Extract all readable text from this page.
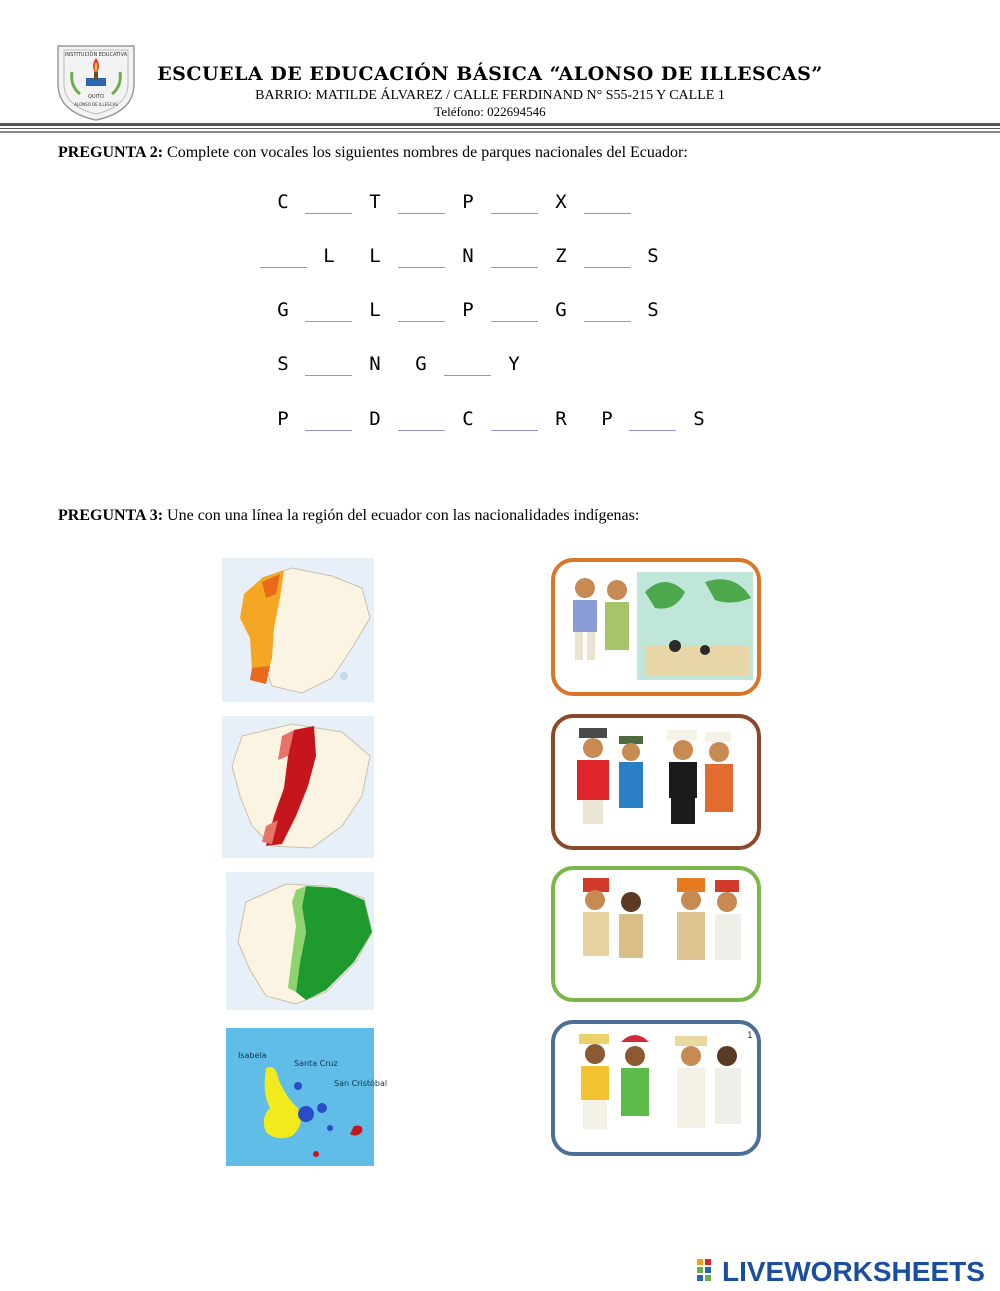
INSTITUCIÓN EDUCATIVA
QUITO
ALONSO DE ILLESCAS
ESCUELA DE EDUCACIÓN BÁSICA “ALONSO DE ILLESCAS”
BARRIO: MATILDE ÁLVAREZ / CALLE FERDINAND N° S55-215 Y CALLE 1
Teléfono: 022694546
PREGUNTA 2: Complete con vocales los siguientes nombres de parques nacionales del Ecuador:
C	T	P	X
L L	N	Z	S
G	L	P	G	S
S	N G	Y
P	D	C	R P	S
PREGUNTA 3: Une con una línea la región del ecuador con las nacionalidades indígenas:
Isabela
Santa Cruz
San Cristóbal
1
LIVEWORKSHEETS
